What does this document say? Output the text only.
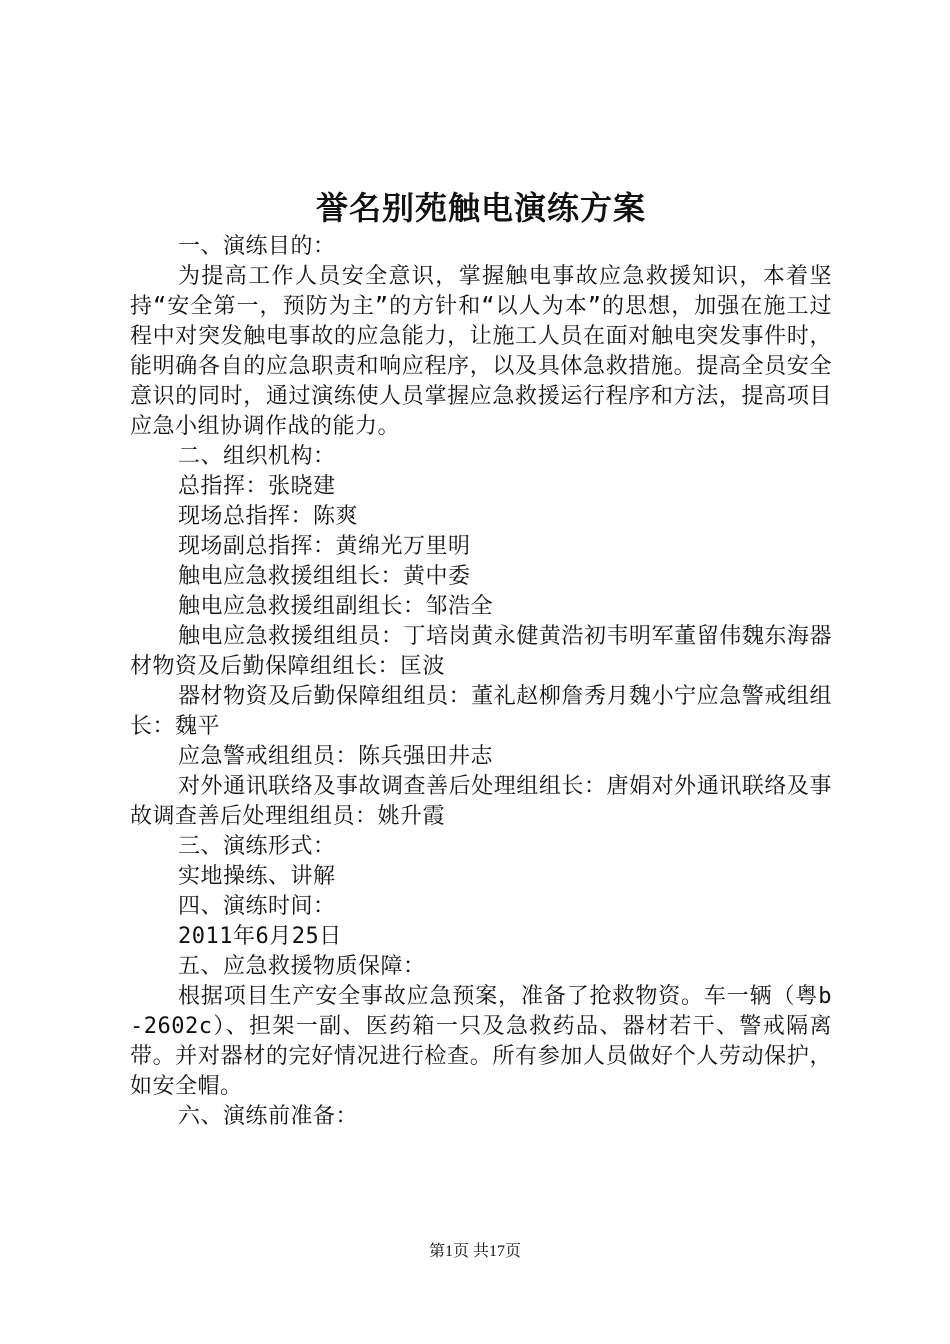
誉名别苑触电演练方案

一、演练目的：

为提高工作人员安全意识，掌握触电事故应急救援知识，本着坚持“安全第一，预防为主”的方针和“以人为本”的思想，加强在施工过程中对突发触电事故的应急能力，让施工人员在面对触电突发事件时，能明确各自的应急职责和响应程序，以及具体急救措施。提高全员安全意识的同时，通过演练使人员掌握应急救援运行程序和方法，提高项目应急小组协调作战的能力。

二、组织机构：

总指挥：张晓建

现场总指挥：陈爽

现场副总指挥：黄绵光万里明

触电应急救援组组长：黄中委

触电应急救援组副组长：邹浩全

触电应急救援组组员：丁培岗黄永健黄浩初韦明军董留伟魏东海器材物资及后勤保障组组长：匡波

器材物资及后勤保障组组员：董礼赵柳詹秀月魏小宁应急警戒组组长：魏平

应急警戒组组员：陈兵强田井志

对外通讯联络及事故调查善后处理组组长：唐娟对外通讯联络及事故调查善后处理组组员：姚升霞

三、演练形式：

实地操练、讲解

四、演练时间：

2011年6月25日

五、应急救援物质保障：

根据项目生产安全事故应急预案，准备了抢救物资。车一辆（粤b-2602c）、担架一副、医药箱一只及急救药品、器材若干、警戒隔离带。并对器材的完好情况进行检查。所有参加人员做好个人劳动保护，如安全帽。

六、演练前准备：

第1页 共17页
